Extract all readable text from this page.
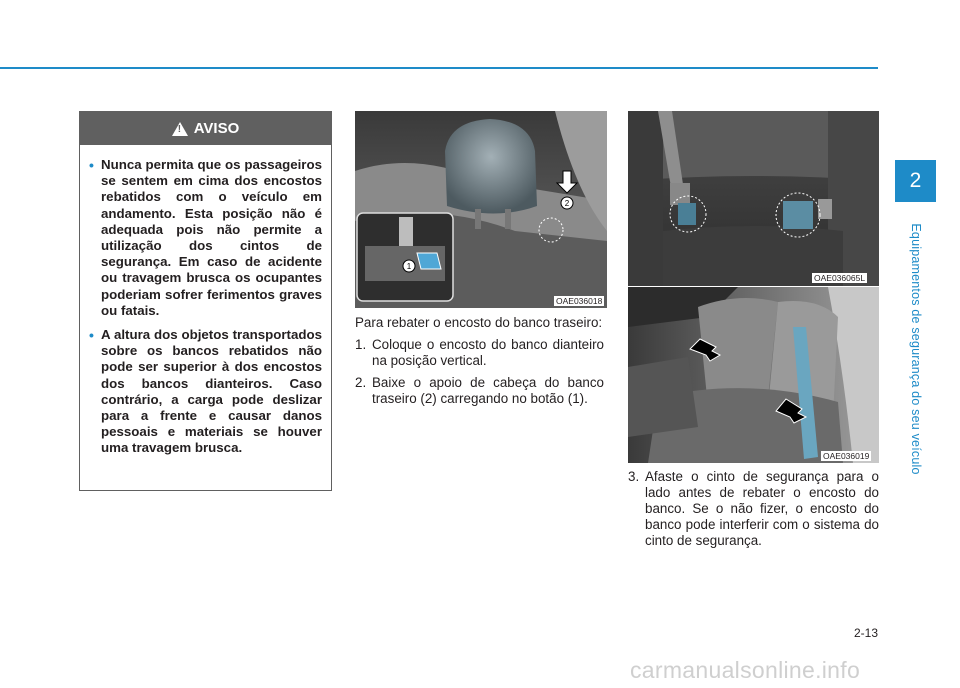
2
Equipamentos de segurança do seu veículo
! AVISO
• Nunca permita que os passageiros se sentem em cima dos encostos rebatidos com o veículo em andamento. Esta posição não é adequada pois não permite a utilização dos cintos de segurança. Em caso de acidente ou travagem brusca os ocupantes poderiam sofrer ferimentos graves ou fatais.
• A altura dos objetos transportados sobre os bancos rebatidos não pode ser superior à dos encostos dos bancos dianteiros. Caso contrário, a carga pode deslizar para a frente e causar danos pessoais e materiais se houver uma travagem brusca.
2
1
OAE036018

Para rebater o encosto do banco traseiro:

1. Coloque o encosto do banco dianteiro na posição vertical.
2. Baixe o apoio de cabeça do banco traseiro (2) carregando no botão (1).
OAE036065L
OAE036019
3. Afaste o cinto de segurança para o lado antes de rebater o encosto do banco. Se o não fizer, o encosto do banco pode interferir com o sistema do cinto de segurança.
2-13
carmanualsonline.info
